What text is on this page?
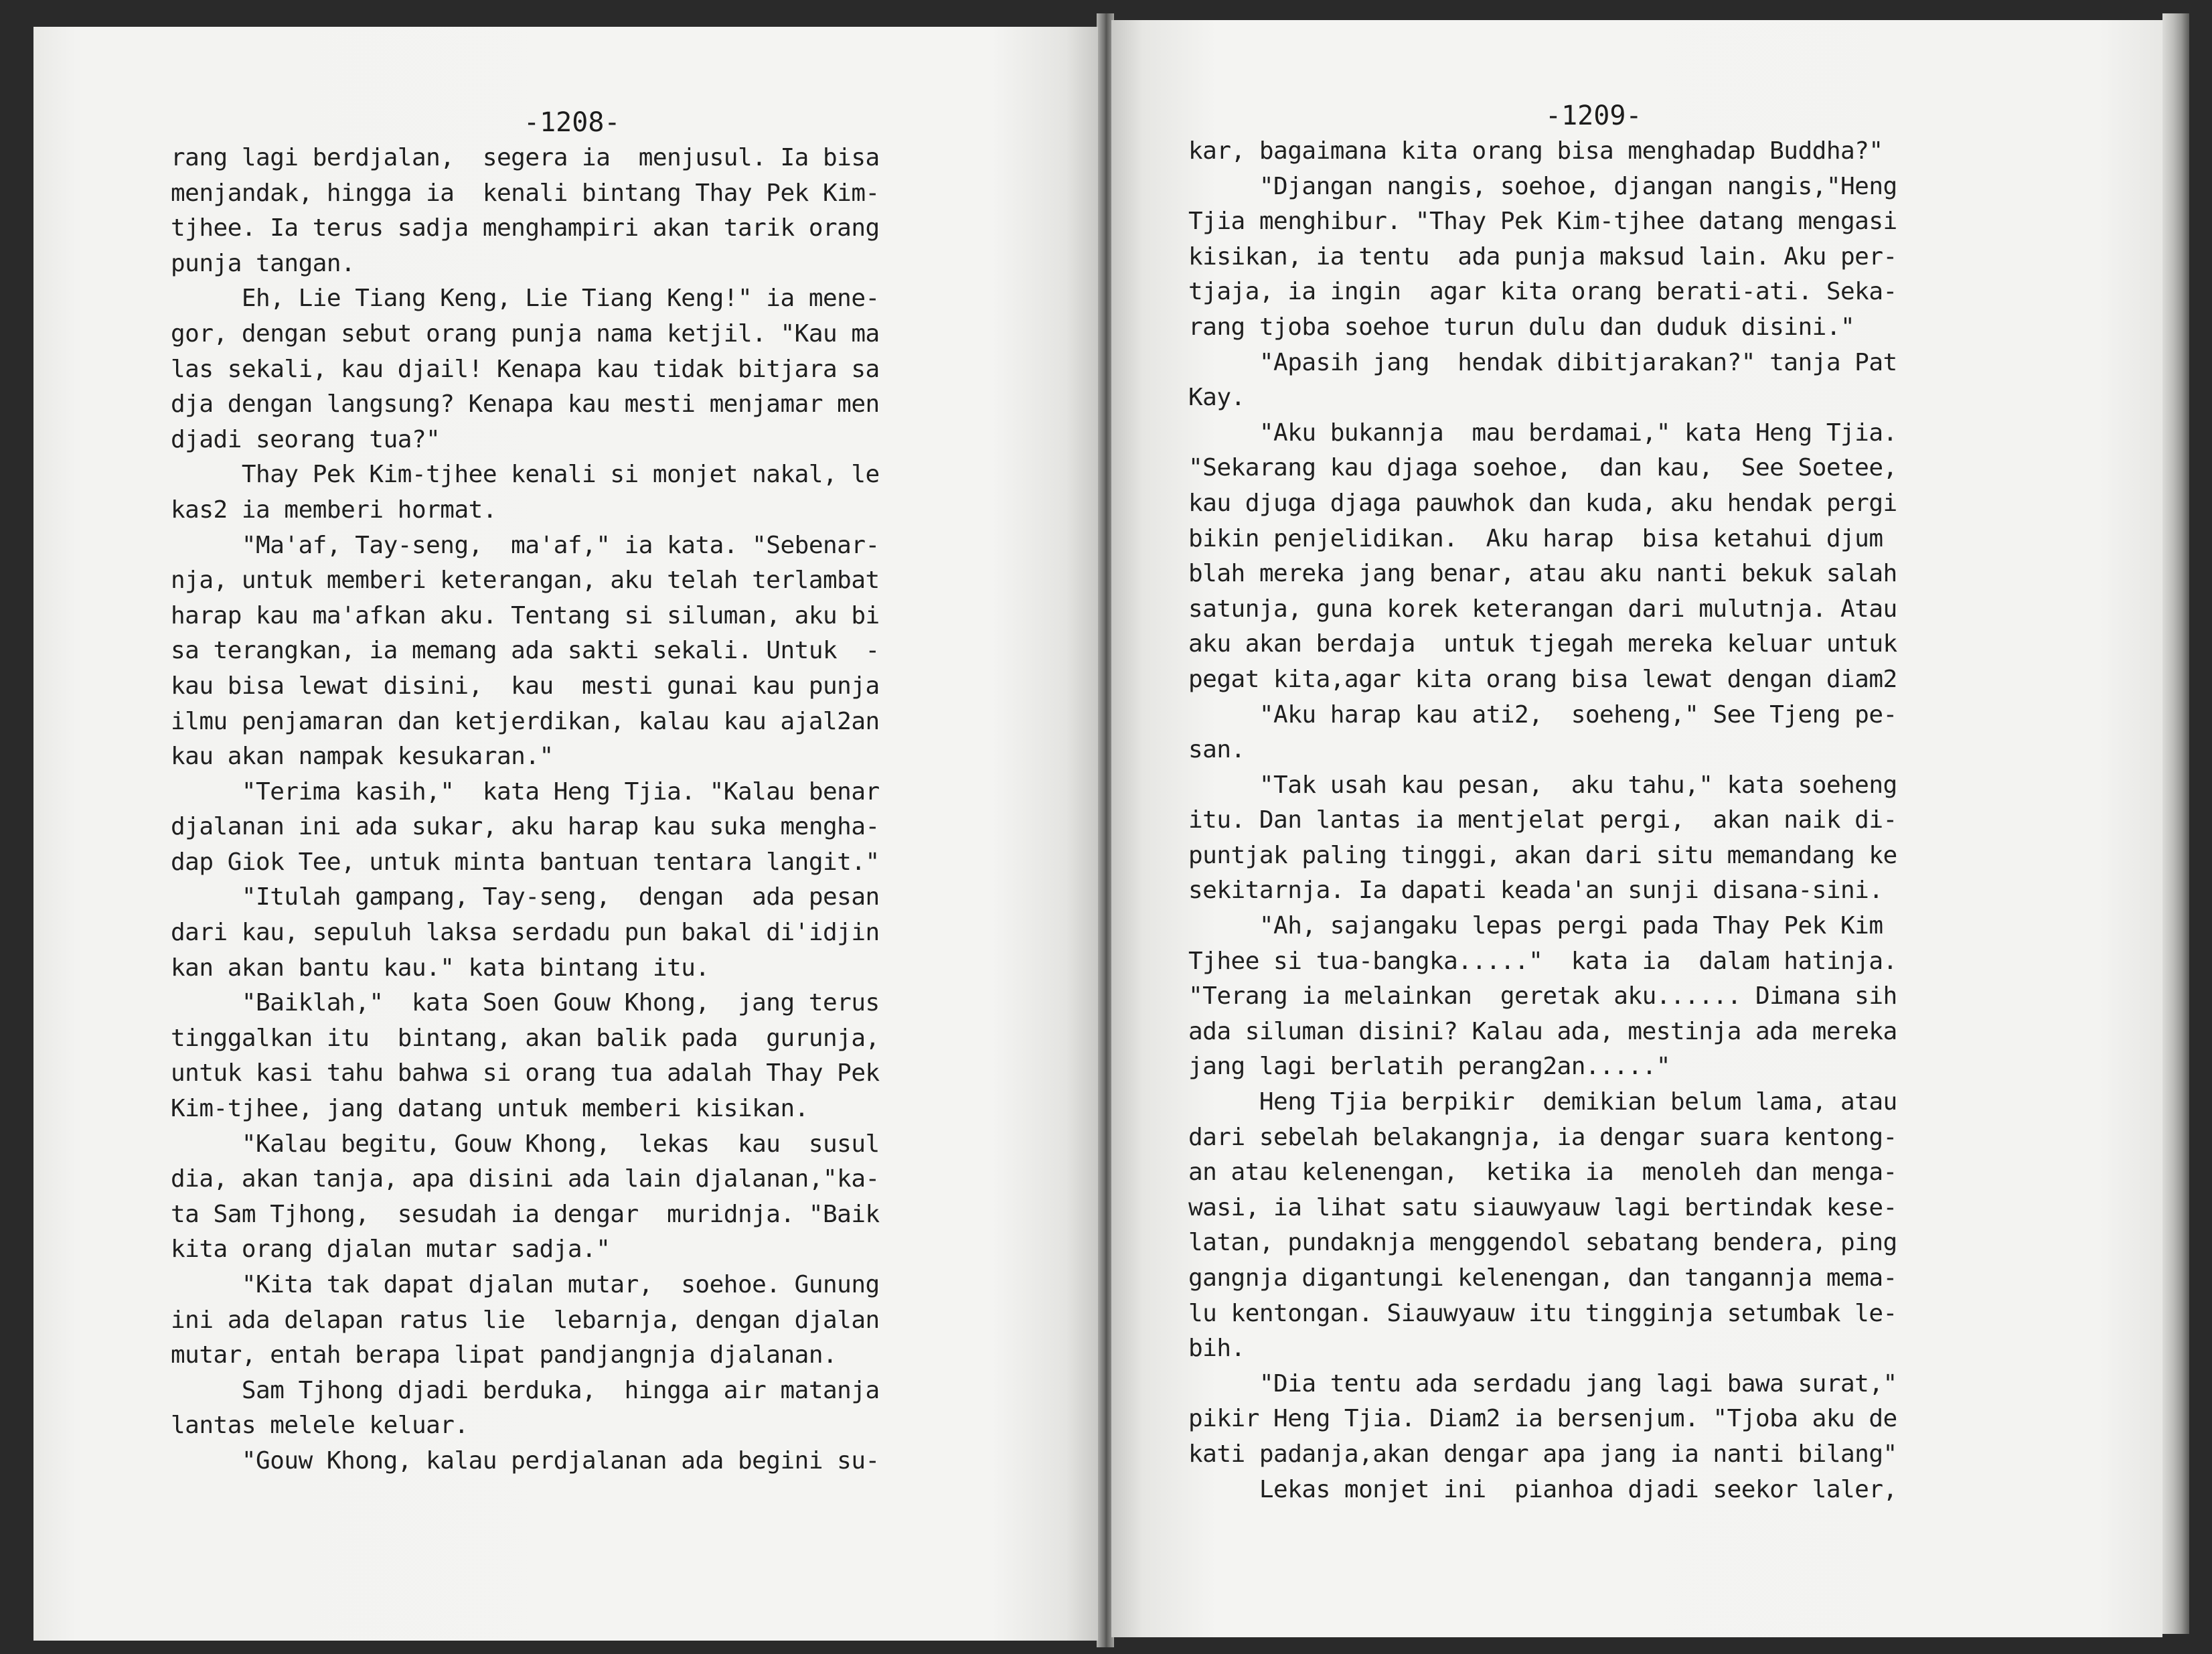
-1208-
rang lagi berdjalan,  segera ia  menjusul. Ia bisa
menjandak, hingga ia  kenali bintang Thay Pek Kim-
tjhee. Ia terus sadja menghampiri akan tarik orang
punja tangan.
Eh, Lie Tiang Keng, Lie Tiang Keng!" ia mene-
gor, dengan sebut orang punja nama ketjil. "Kau ma
las sekali, kau djail! Kenapa kau tidak bitjara sa
dja dengan langsung? Kenapa kau mesti menjamar men
djadi seorang tua?"
Thay Pek Kim-tjhee kenali si monjet nakal, le
kas2 ia memberi hormat.
"Ma'af, Tay-seng,  ma'af," ia kata. "Sebenar-
nja, untuk memberi keterangan, aku telah terlambat
harap kau ma'afkan aku. Tentang si siluman, aku bi
sa terangkan, ia memang ada sakti sekali. Untuk  -
kau bisa lewat disini,  kau  mesti gunai kau punja
ilmu penjamaran dan ketjerdikan, kalau kau ajal2an
kau akan nampak kesukaran."
"Terima kasih,"  kata Heng Tjia. "Kalau benar
djalanan ini ada sukar, aku harap kau suka mengha-
dap Giok Tee, untuk minta bantuan tentara langit."
"Itulah gampang, Tay-seng,  dengan  ada pesan
dari kau, sepuluh laksa serdadu pun bakal di'idjin
kan akan bantu kau." kata bintang itu.
"Baiklah,"  kata Soen Gouw Khong,  jang terus
tinggalkan itu  bintang, akan balik pada  gurunja,
untuk kasi tahu bahwa si orang tua adalah Thay Pek
Kim-tjhee, jang datang untuk memberi kisikan.
"Kalau begitu, Gouw Khong,  lekas  kau  susul
dia, akan tanja, apa disini ada lain djalanan,"ka-
ta Sam Tjhong,  sesudah ia dengar  muridnja. "Baik
kita orang djalan mutar sadja."
"Kita tak dapat djalan mutar,  soehoe. Gunung
ini ada delapan ratus lie  lebarnja, dengan djalan
mutar, entah berapa lipat pandjangnja djalanan.
Sam Tjhong djadi berduka,  hingga air matanja
lantas melele keluar.
"Gouw Khong, kalau perdjalanan ada begini su-
-1209-
kar, bagaimana kita orang bisa menghadap Buddha?"
"Djangan nangis, soehoe, djangan nangis,"Heng
Tjia menghibur. "Thay Pek Kim-tjhee datang mengasi
kisikan, ia tentu  ada punja maksud lain. Aku per-
tjaja, ia ingin  agar kita orang berati-ati. Seka-
rang tjoba soehoe turun dulu dan duduk disini."
"Apasih jang  hendak dibitjarakan?" tanja Pat
Kay.
"Aku bukannja  mau berdamai," kata Heng Tjia.
"Sekarang kau djaga soehoe,  dan kau,  See Soetee,
kau djuga djaga pauwhok dan kuda, aku hendak pergi
bikin penjelidikan.  Aku harap  bisa ketahui djum
blah mereka jang benar, atau aku nanti bekuk salah
satunja, guna korek keterangan dari mulutnja. Atau
aku akan berdaja  untuk tjegah mereka keluar untuk
pegat kita,agar kita orang bisa lewat dengan diam2
"Aku harap kau ati2,  soeheng," See Tjeng pe-
san.
"Tak usah kau pesan,  aku tahu," kata soeheng
itu. Dan lantas ia mentjelat pergi,  akan naik di-
puntjak paling tinggi, akan dari situ memandang ke
sekitarnja. Ia dapati keada'an sunji disana-sini.
"Ah, sajangaku lepas pergi pada Thay Pek Kim
Tjhee si tua-bangka....."  kata ia  dalam hatinja.
"Terang ia melainkan  geretak aku...... Dimana sih
ada siluman disini? Kalau ada, mestinja ada mereka
jang lagi berlatih perang2an....."
Heng Tjia berpikir  demikian belum lama, atau
dari sebelah belakangnja, ia dengar suara kentong-
an atau kelenengan,  ketika ia  menoleh dan menga-
wasi, ia lihat satu siauwyauw lagi bertindak kese-
latan, pundaknja menggendol sebatang bendera, ping
gangnja digantungi kelenengan, dan tangannja mema-
lu kentongan. Siauwyauw itu tingginja setumbak le-
bih.
"Dia tentu ada serdadu jang lagi bawa surat,"
pikir Heng Tjia. Diam2 ia bersenjum. "Tjoba aku de
kati padanja,akan dengar apa jang ia nanti bilang"
Lekas monjet ini  pianhoa djadi seekor laler,
